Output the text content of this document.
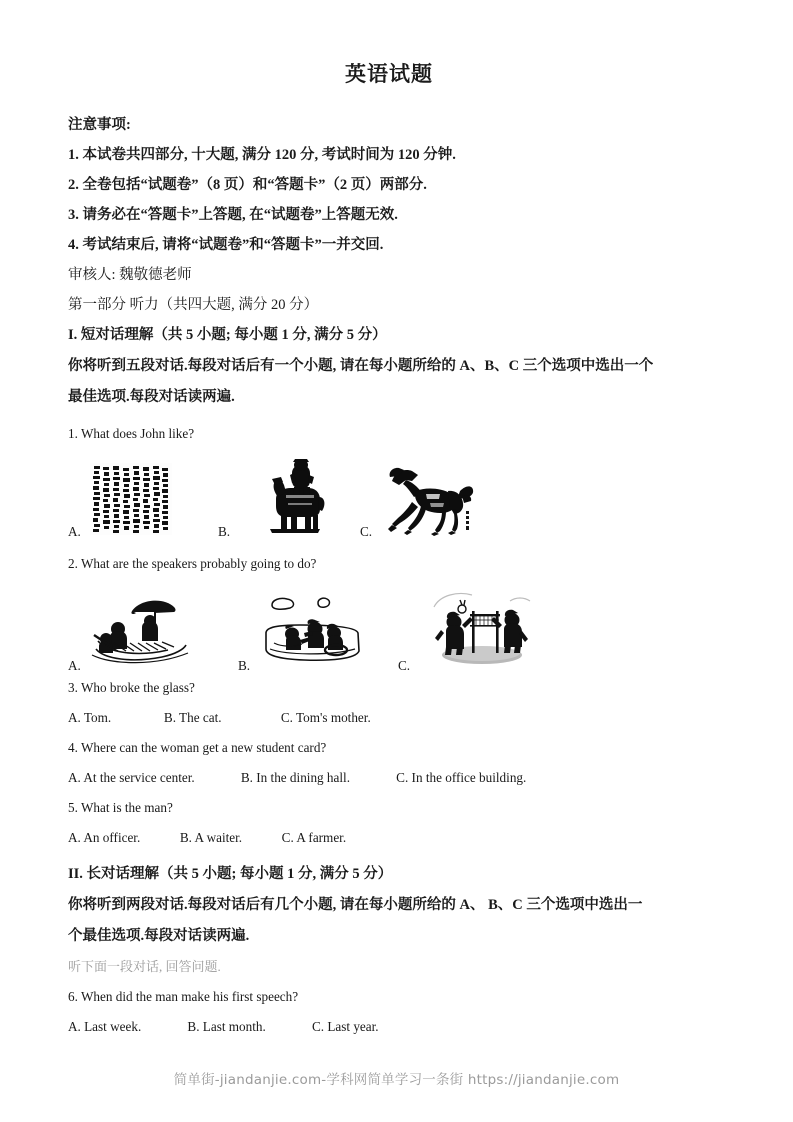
英语试题

注意事项:

1. 本试卷共四部分, 十大题, 满分 120 分, 考试时间为 120 分钟.

2. 全卷包括“试题卷”（8 页）和“答题卡”（2 页）两部分.

3. 请务必在“答题卡”上答题, 在“试题卷”上答题无效.

4. 考试结束后, 请将“试题卷”和“答题卡”一并交回.

审核人: 魏敬德老师

第一部分 听力（共四大题, 满分 20 分）

I. 短对话理解（共 5 小题; 每小题 1 分, 满分 5 分）

你将听到五段对话.每段对话后有一个小题, 请在每小题所给的 A、B、C 三个选项中选出一个

最佳选项.每段对话读两遍.

1. What does John like?

A.	B.	C.

2. What are the speakers probably going to do?

A.	B.	C.

3. Who broke the glass?

A. Tom.                B. The cat.                  C. Tom's mother.

4. Where can the woman get a new student card?

A. At the service center.              B. In the dining hall.              C. In the office building.

5. What is the man?

A. An officer.            B. A waiter.            C. A farmer.

II. 长对话理解（共 5 小题; 每小题 1 分, 满分 5 分）

你将听到两段对话.每段对话后有几个小题, 请在每小题所给的 A、 B、C 三个选项中选出一

个最佳选项.每段对话读两遍.

听下面一段对话, 回答问题.

6. When did the man make his first speech?

A. Last week.              B. Last month.              C. Last year.

简单街-jiandanjie.com-学科网简单学习一条街 https://jiandanjie.com
